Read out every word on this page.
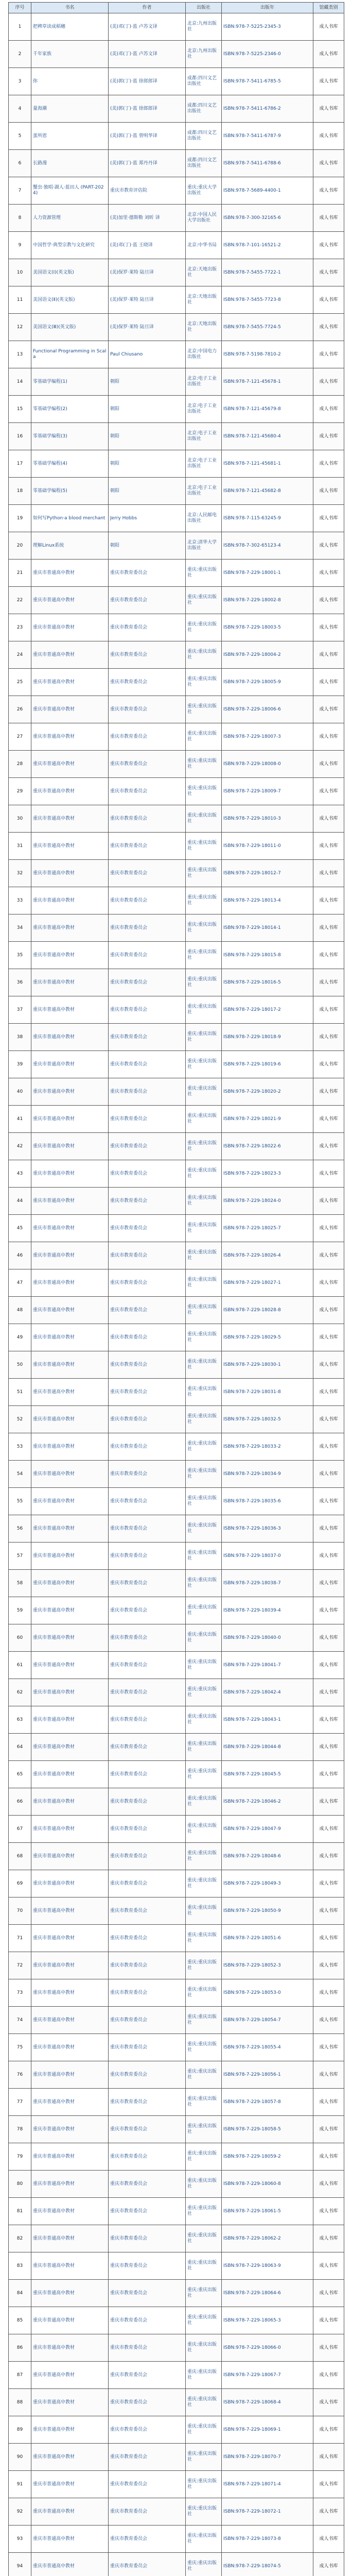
序号	书名	作者	出版社	出版年	馆藏类别
1	把稗草读成稻穗	(美)邓(丁)·蓝 卢苏文译	北京:九州出版社	ISBN:978-7-5225-2345-3	成人书库
2	千年家族	(美)邓(丁)·蓝 卢苏文译	北京:九州出版社	ISBN:978-7-5225-2346-0	成人书库
3	你	(美)郭(丁)·蓝 徐郎郎译	成都:四川文艺出版社	ISBN:978-7-5411-6785-5	成人书库
4	量海潮	(美)郭(丁)·蓝 徐郎郎译	成都:四川文艺出版社	ISBN:978-7-5411-6786-2	成人书库
5	蛋所恩	(美)郭(丁)·蓝 曾明华译	成都:四川文艺出版社	ISBN:978-7-5411-6787-9	成人书库
6	长路漫	(美)郭(丁)·蓝 郑丹丹译	成都:四川文艺出版社	ISBN:978-7-5411-6788-6	成人书库
7	蟹虫·独唱·湖人·蓝田人 (PART-2024)	重庆市教育评估院	重庆:重庆大学出版社	ISBN:978-7-5689-4400-1	成人书库
8	人力资源管理	(美)加里·德斯勒 刘昕 译	北京:中国人民大学出版社	ISBN:978-7-300-32165-6	成人书库
9	中国哲学·典型宗教与文化研究	(美)邓(丁)·蓝 王晓译	北京:中华书局	ISBN:978-7-101-16521-2	成人书库
10	美国语文(Ⅰ)(英文版)	(美)保罗·莱特 陆旦译	北京:天地出版社	ISBN:978-7-5455-7722-1	成人书库
11	美国语文(Ⅱ)(英文版)	(美)保罗·莱特 陆旦译	北京:天地出版社	ISBN:978-7-5455-7723-8	成人书库
12	美国语文(Ⅲ)(英文版)	(美)保罗·莱特 陆旦译	北京:天地出版社	ISBN:978-7-5455-7724-5	成人书库
13	Functional Programming in Scala	Paul Chiusano	北京:中国电力出版社	ISBN:978-7-5198-7810-2	成人书库
14	零基础学编程(1)	朝阳	北京:电子工业出版社	ISBN:978-7-121-45678-1	成人书库
15	零基础学编程(2)	朝阳	北京:电子工业出版社	ISBN:978-7-121-45679-8	成人书库
16	零基础学编程(3)	朝阳	北京:电子工业出版社	ISBN:978-7-121-45680-4	成人书库
17	零基础学编程(4)	朝阳	北京:电子工业出版社	ISBN:978-7-121-45681-1	成人书库
18	零基础学编程(5)	朝阳	北京:电子工业出版社	ISBN:978-7-121-45682-8	成人书库
19	如何写Python·a blood merchant	Jerry Hobbs	北京:人民邮电出版社	ISBN:978-7-115-63245-9	成人书库
20	理解Linux系统	朝阳	北京:清华大学出版社	ISBN:978-7-302-65123-4	成人书库
21	重庆市普通高中教材	重庆市教育委员会	重庆:重庆出版社	ISBN:978-7-229-18001-1	成人书库
22	重庆市普通高中教材	重庆市教育委员会	重庆:重庆出版社	ISBN:978-7-229-18002-8	成人书库
23	重庆市普通高中教材	重庆市教育委员会	重庆:重庆出版社	ISBN:978-7-229-18003-5	成人书库
24	重庆市普通高中教材	重庆市教育委员会	重庆:重庆出版社	ISBN:978-7-229-18004-2	成人书库
25	重庆市普通高中教材	重庆市教育委员会	重庆:重庆出版社	ISBN:978-7-229-18005-9	成人书库
26	重庆市普通高中教材	重庆市教育委员会	重庆:重庆出版社	ISBN:978-7-229-18006-6	成人书库
27	重庆市普通高中教材	重庆市教育委员会	重庆:重庆出版社	ISBN:978-7-229-18007-3	成人书库
28	重庆市普通高中教材	重庆市教育委员会	重庆:重庆出版社	ISBN:978-7-229-18008-0	成人书库
29	重庆市普通高中教材	重庆市教育委员会	重庆:重庆出版社	ISBN:978-7-229-18009-7	成人书库
30	重庆市普通高中教材	重庆市教育委员会	重庆:重庆出版社	ISBN:978-7-229-18010-3	成人书库
31	重庆市普通高中教材	重庆市教育委员会	重庆:重庆出版社	ISBN:978-7-229-18011-0	成人书库
32	重庆市普通高中教材	重庆市教育委员会	重庆:重庆出版社	ISBN:978-7-229-18012-7	成人书库
33	重庆市普通高中教材	重庆市教育委员会	重庆:重庆出版社	ISBN:978-7-229-18013-4	成人书库
34	重庆市普通高中教材	重庆市教育委员会	重庆:重庆出版社	ISBN:978-7-229-18014-1	成人书库
35	重庆市普通高中教材	重庆市教育委员会	重庆:重庆出版社	ISBN:978-7-229-18015-8	成人书库
36	重庆市普通高中教材	重庆市教育委员会	重庆:重庆出版社	ISBN:978-7-229-18016-5	成人书库
37	重庆市普通高中教材	重庆市教育委员会	重庆:重庆出版社	ISBN:978-7-229-18017-2	成人书库
38	重庆市普通高中教材	重庆市教育委员会	重庆:重庆出版社	ISBN:978-7-229-18018-9	成人书库
39	重庆市普通高中教材	重庆市教育委员会	重庆:重庆出版社	ISBN:978-7-229-18019-6	成人书库
40	重庆市普通高中教材	重庆市教育委员会	重庆:重庆出版社	ISBN:978-7-229-18020-2	成人书库
41	重庆市普通高中教材	重庆市教育委员会	重庆:重庆出版社	ISBN:978-7-229-18021-9	成人书库
42	重庆市普通高中教材	重庆市教育委员会	重庆:重庆出版社	ISBN:978-7-229-18022-6	成人书库
43	重庆市普通高中教材	重庆市教育委员会	重庆:重庆出版社	ISBN:978-7-229-18023-3	成人书库
44	重庆市普通高中教材	重庆市教育委员会	重庆:重庆出版社	ISBN:978-7-229-18024-0	成人书库
45	重庆市普通高中教材	重庆市教育委员会	重庆:重庆出版社	ISBN:978-7-229-18025-7	成人书库
46	重庆市普通高中教材	重庆市教育委员会	重庆:重庆出版社	ISBN:978-7-229-18026-4	成人书库
47	重庆市普通高中教材	重庆市教育委员会	重庆:重庆出版社	ISBN:978-7-229-18027-1	成人书库
48	重庆市普通高中教材	重庆市教育委员会	重庆:重庆出版社	ISBN:978-7-229-18028-8	成人书库
49	重庆市普通高中教材	重庆市教育委员会	重庆:重庆出版社	ISBN:978-7-229-18029-5	成人书库
50	重庆市普通高中教材	重庆市教育委员会	重庆:重庆出版社	ISBN:978-7-229-18030-1	成人书库
51	重庆市普通高中教材	重庆市教育委员会	重庆:重庆出版社	ISBN:978-7-229-18031-8	成人书库
52	重庆市普通高中教材	重庆市教育委员会	重庆:重庆出版社	ISBN:978-7-229-18032-5	成人书库
53	重庆市普通高中教材	重庆市教育委员会	重庆:重庆出版社	ISBN:978-7-229-18033-2	成人书库
54	重庆市普通高中教材	重庆市教育委员会	重庆:重庆出版社	ISBN:978-7-229-18034-9	成人书库
55	重庆市普通高中教材	重庆市教育委员会	重庆:重庆出版社	ISBN:978-7-229-18035-6	成人书库
56	重庆市普通高中教材	重庆市教育委员会	重庆:重庆出版社	ISBN:978-7-229-18036-3	成人书库
57	重庆市普通高中教材	重庆市教育委员会	重庆:重庆出版社	ISBN:978-7-229-18037-0	成人书库
58	重庆市普通高中教材	重庆市教育委员会	重庆:重庆出版社	ISBN:978-7-229-18038-7	成人书库
59	重庆市普通高中教材	重庆市教育委员会	重庆:重庆出版社	ISBN:978-7-229-18039-4	成人书库
60	重庆市普通高中教材	重庆市教育委员会	重庆:重庆出版社	ISBN:978-7-229-18040-0	成人书库
61	重庆市普通高中教材	重庆市教育委员会	重庆:重庆出版社	ISBN:978-7-229-18041-7	成人书库
62	重庆市普通高中教材	重庆市教育委员会	重庆:重庆出版社	ISBN:978-7-229-18042-4	成人书库
63	重庆市普通高中教材	重庆市教育委员会	重庆:重庆出版社	ISBN:978-7-229-18043-1	成人书库
64	重庆市普通高中教材	重庆市教育委员会	重庆:重庆出版社	ISBN:978-7-229-18044-8	成人书库
65	重庆市普通高中教材	重庆市教育委员会	重庆:重庆出版社	ISBN:978-7-229-18045-5	成人书库
66	重庆市普通高中教材	重庆市教育委员会	重庆:重庆出版社	ISBN:978-7-229-18046-2	成人书库
67	重庆市普通高中教材	重庆市教育委员会	重庆:重庆出版社	ISBN:978-7-229-18047-9	成人书库
68	重庆市普通高中教材	重庆市教育委员会	重庆:重庆出版社	ISBN:978-7-229-18048-6	成人书库
69	重庆市普通高中教材	重庆市教育委员会	重庆:重庆出版社	ISBN:978-7-229-18049-3	成人书库
70	重庆市普通高中教材	重庆市教育委员会	重庆:重庆出版社	ISBN:978-7-229-18050-9	成人书库
71	重庆市普通高中教材	重庆市教育委员会	重庆:重庆出版社	ISBN:978-7-229-18051-6	成人书库
72	重庆市普通高中教材	重庆市教育委员会	重庆:重庆出版社	ISBN:978-7-229-18052-3	成人书库
73	重庆市普通高中教材	重庆市教育委员会	重庆:重庆出版社	ISBN:978-7-229-18053-0	成人书库
74	重庆市普通高中教材	重庆市教育委员会	重庆:重庆出版社	ISBN:978-7-229-18054-7	成人书库
75	重庆市普通高中教材	重庆市教育委员会	重庆:重庆出版社	ISBN:978-7-229-18055-4	成人书库
76	重庆市普通高中教材	重庆市教育委员会	重庆:重庆出版社	ISBN:978-7-229-18056-1	成人书库
77	重庆市普通高中教材	重庆市教育委员会	重庆:重庆出版社	ISBN:978-7-229-18057-8	成人书库
78	重庆市普通高中教材	重庆市教育委员会	重庆:重庆出版社	ISBN:978-7-229-18058-5	成人书库
79	重庆市普通高中教材	重庆市教育委员会	重庆:重庆出版社	ISBN:978-7-229-18059-2	成人书库
80	重庆市普通高中教材	重庆市教育委员会	重庆:重庆出版社	ISBN:978-7-229-18060-8	成人书库
81	重庆市普通高中教材	重庆市教育委员会	重庆:重庆出版社	ISBN:978-7-229-18061-5	成人书库
82	重庆市普通高中教材	重庆市教育委员会	重庆:重庆出版社	ISBN:978-7-229-18062-2	成人书库
83	重庆市普通高中教材	重庆市教育委员会	重庆:重庆出版社	ISBN:978-7-229-18063-9	成人书库
84	重庆市普通高中教材	重庆市教育委员会	重庆:重庆出版社	ISBN:978-7-229-18064-6	成人书库
85	重庆市普通高中教材	重庆市教育委员会	重庆:重庆出版社	ISBN:978-7-229-18065-3	成人书库
86	重庆市普通高中教材	重庆市教育委员会	重庆:重庆出版社	ISBN:978-7-229-18066-0	成人书库
87	重庆市普通高中教材	重庆市教育委员会	重庆:重庆出版社	ISBN:978-7-229-18067-7	成人书库
88	重庆市普通高中教材	重庆市教育委员会	重庆:重庆出版社	ISBN:978-7-229-18068-4	成人书库
89	重庆市普通高中教材	重庆市教育委员会	重庆:重庆出版社	ISBN:978-7-229-18069-1	成人书库
90	重庆市普通高中教材	重庆市教育委员会	重庆:重庆出版社	ISBN:978-7-229-18070-7	成人书库
91	重庆市普通高中教材	重庆市教育委员会	重庆:重庆出版社	ISBN:978-7-229-18071-4	成人书库
92	重庆市普通高中教材	重庆市教育委员会	重庆:重庆出版社	ISBN:978-7-229-18072-1	成人书库
93	重庆市普通高中教材	重庆市教育委员会	重庆:重庆出版社	ISBN:978-7-229-18073-8	成人书库
94	重庆市普通高中教材	重庆市教育委员会	重庆:重庆出版社	ISBN:978-7-229-18074-5	成人书库
